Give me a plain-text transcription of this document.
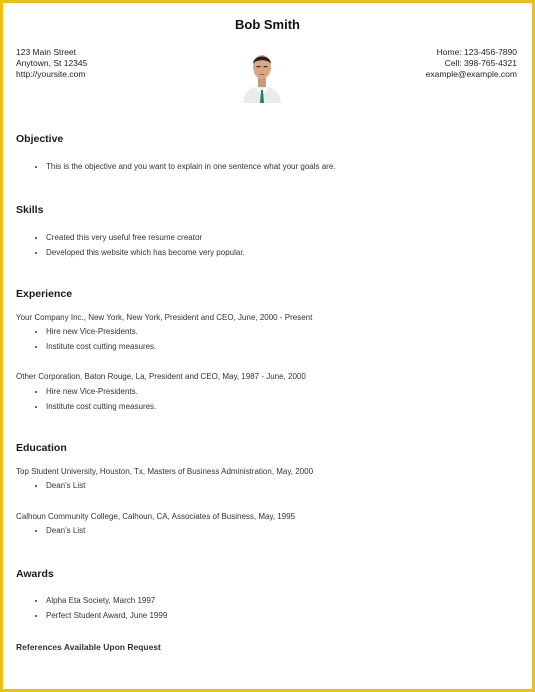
Bob Smith
123 Main Street
Anytown, St 12345
http://yoursite.com
Home: 123-456-7890
Cell: 398-765-4321
example@example.com
Objective
• This is the objective and you want to explain in one sentence what your goals are.
Skills
• Created this very useful free resume creator
• Developed this website which has become very popular.
Experience
Your Company Inc., New York, New York, President and CEO, June, 2000 - Present
• Hire new Vice-Presidents.
• Institute cost cutting measures.
Other Corporation, Baton Rouge, La, President and CEO, May, 1987 - June, 2000
• Hire new Vice-Presidents.
• Institute cost cutting measures.
Education
Top Student University, Houston, Tx, Masters of Business Administration, May, 2000
• Dean's List
Calhoun Community College, Calhoun, CA, Associates of Business, May, 1995
• Dean's List
Awards
• Alpha Eta Society, March 1997
• Perfect Student Award, June 1999
References Available Upon Request
